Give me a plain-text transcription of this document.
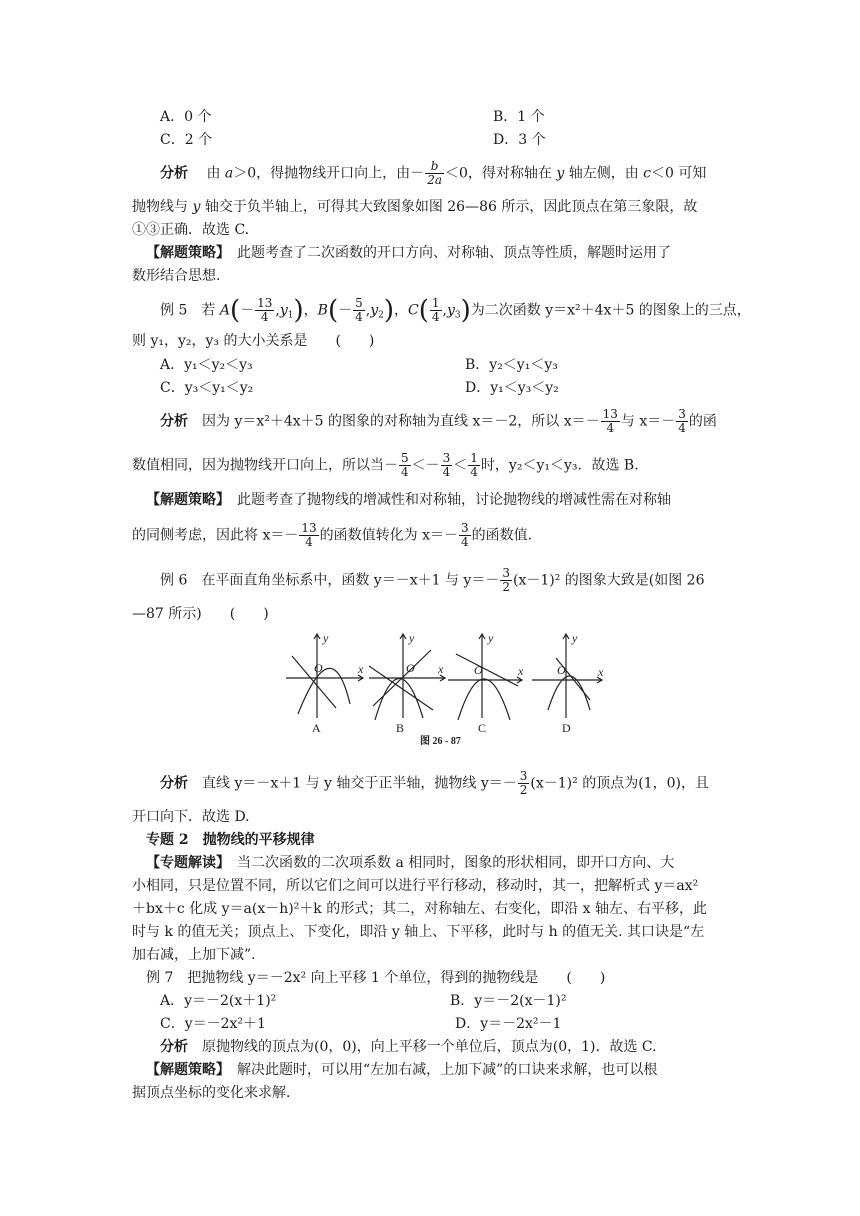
A．0 个	B．1 个
C．2 个	D．3 个
分析　 由 a＞0，得抛物线开口向上，由－ $\frac{b}{2a} <0$，得对称轴在 y 轴左侧，由 c＜0 可知
抛物线与 y 轴交于负半轴上，可得其大致图象如图 26—86 所示，因此顶点在第三象限，故
①③正确．故选 C.
【解题策略】　 此题考查了二次函数的开口方向、对称轴、顶点等性质，解题时运用了
数形结合思想.
例 5　 若 $A(- \frac{13}{4} ,y_1)$，$B(- \frac{5}{4} ,y_2)$，$C( \frac{1}{4} ,y_3)$为二次函数 y＝x²＋4x＋5 的图象上的三点，
则 y₁，y₂，y₃ 的大小关系是　　(　　)
A．y₁＜y₂＜y₃	B．y₂＜y₁＜y₃
C．y₃＜y₁＜y₂	D．y₁＜y₃＜y₂
分析　 因为 y＝x²＋4x＋5 的图象的对称轴为直线 x＝－2，所以 $x=- \frac{13}{4}$ 与 $x=- \frac{3}{4}$ 的函
数值相同，因为抛物线开口向上，所以当－ $\frac{5}{4} <- \frac{3}{4} < \frac{1}{4}$ 时，y₂＜y₁＜y₃．故选 B.
【解题策略】　 此题考查了抛物线的增减性和对称轴，讨论抛物线的增减性需在对称轴
的同侧考虑，因此将 $x=- \frac{13}{4}$ 的函数值转化为 $x=- \frac{3}{4}$ 的函数值.
例 6　 在平面直角坐标系中，函数 y＝－x＋1 与 $y=- \frac{3}{2} (x-1)^2$ 的图象大致是(如图 26
—87 所示)　　(　　)
y
x
O
A
y
x
O
B
y
x
O
C
y
x
O
D
图 26 - 87
分析　 直线 y＝－x＋1 与 y 轴交于正半轴，抛物线 $y=- \frac{3}{2} (x-1)^2$ 的顶点为(1，0)，且
开口向下．故选 D.
专题 2　抛物线的平移规律
【专题解读】　 当二次函数的二次项系数 a 相同时，图象的形状相同，即开口方向、大
小相同，只是位置不同，所以它们之间可以进行平行移动，移动时，其一，把解析式 y＝ax²
＋bx＋c 化成 y＝a(x－h)²＋k 的形式；其二，对称轴左、右变化，即沿 x 轴左、右平移，此
时与 k 的值无关；顶点上、下变化，即沿 y 轴上、下平移，此时与 h 的值无关. 其口诀是“左
加右减，上加下减”.
例 7　 把抛物线 y＝－2x² 向上平移 1 个单位，得到的抛物线是　　(　　)
A．y＝－2(x＋1)²	B．y＝－2(x－1)²
C．y＝－2x²＋1	D．y＝－2x²－1
分析　 原抛物线的顶点为(0，0)，向上平移一个单位后，顶点为(0，1)．故选 C.
【解题策略】　 解决此题时，可以用“左加右减，上加下减”的口诀来求解，也可以根
据顶点坐标的变化来求解.
